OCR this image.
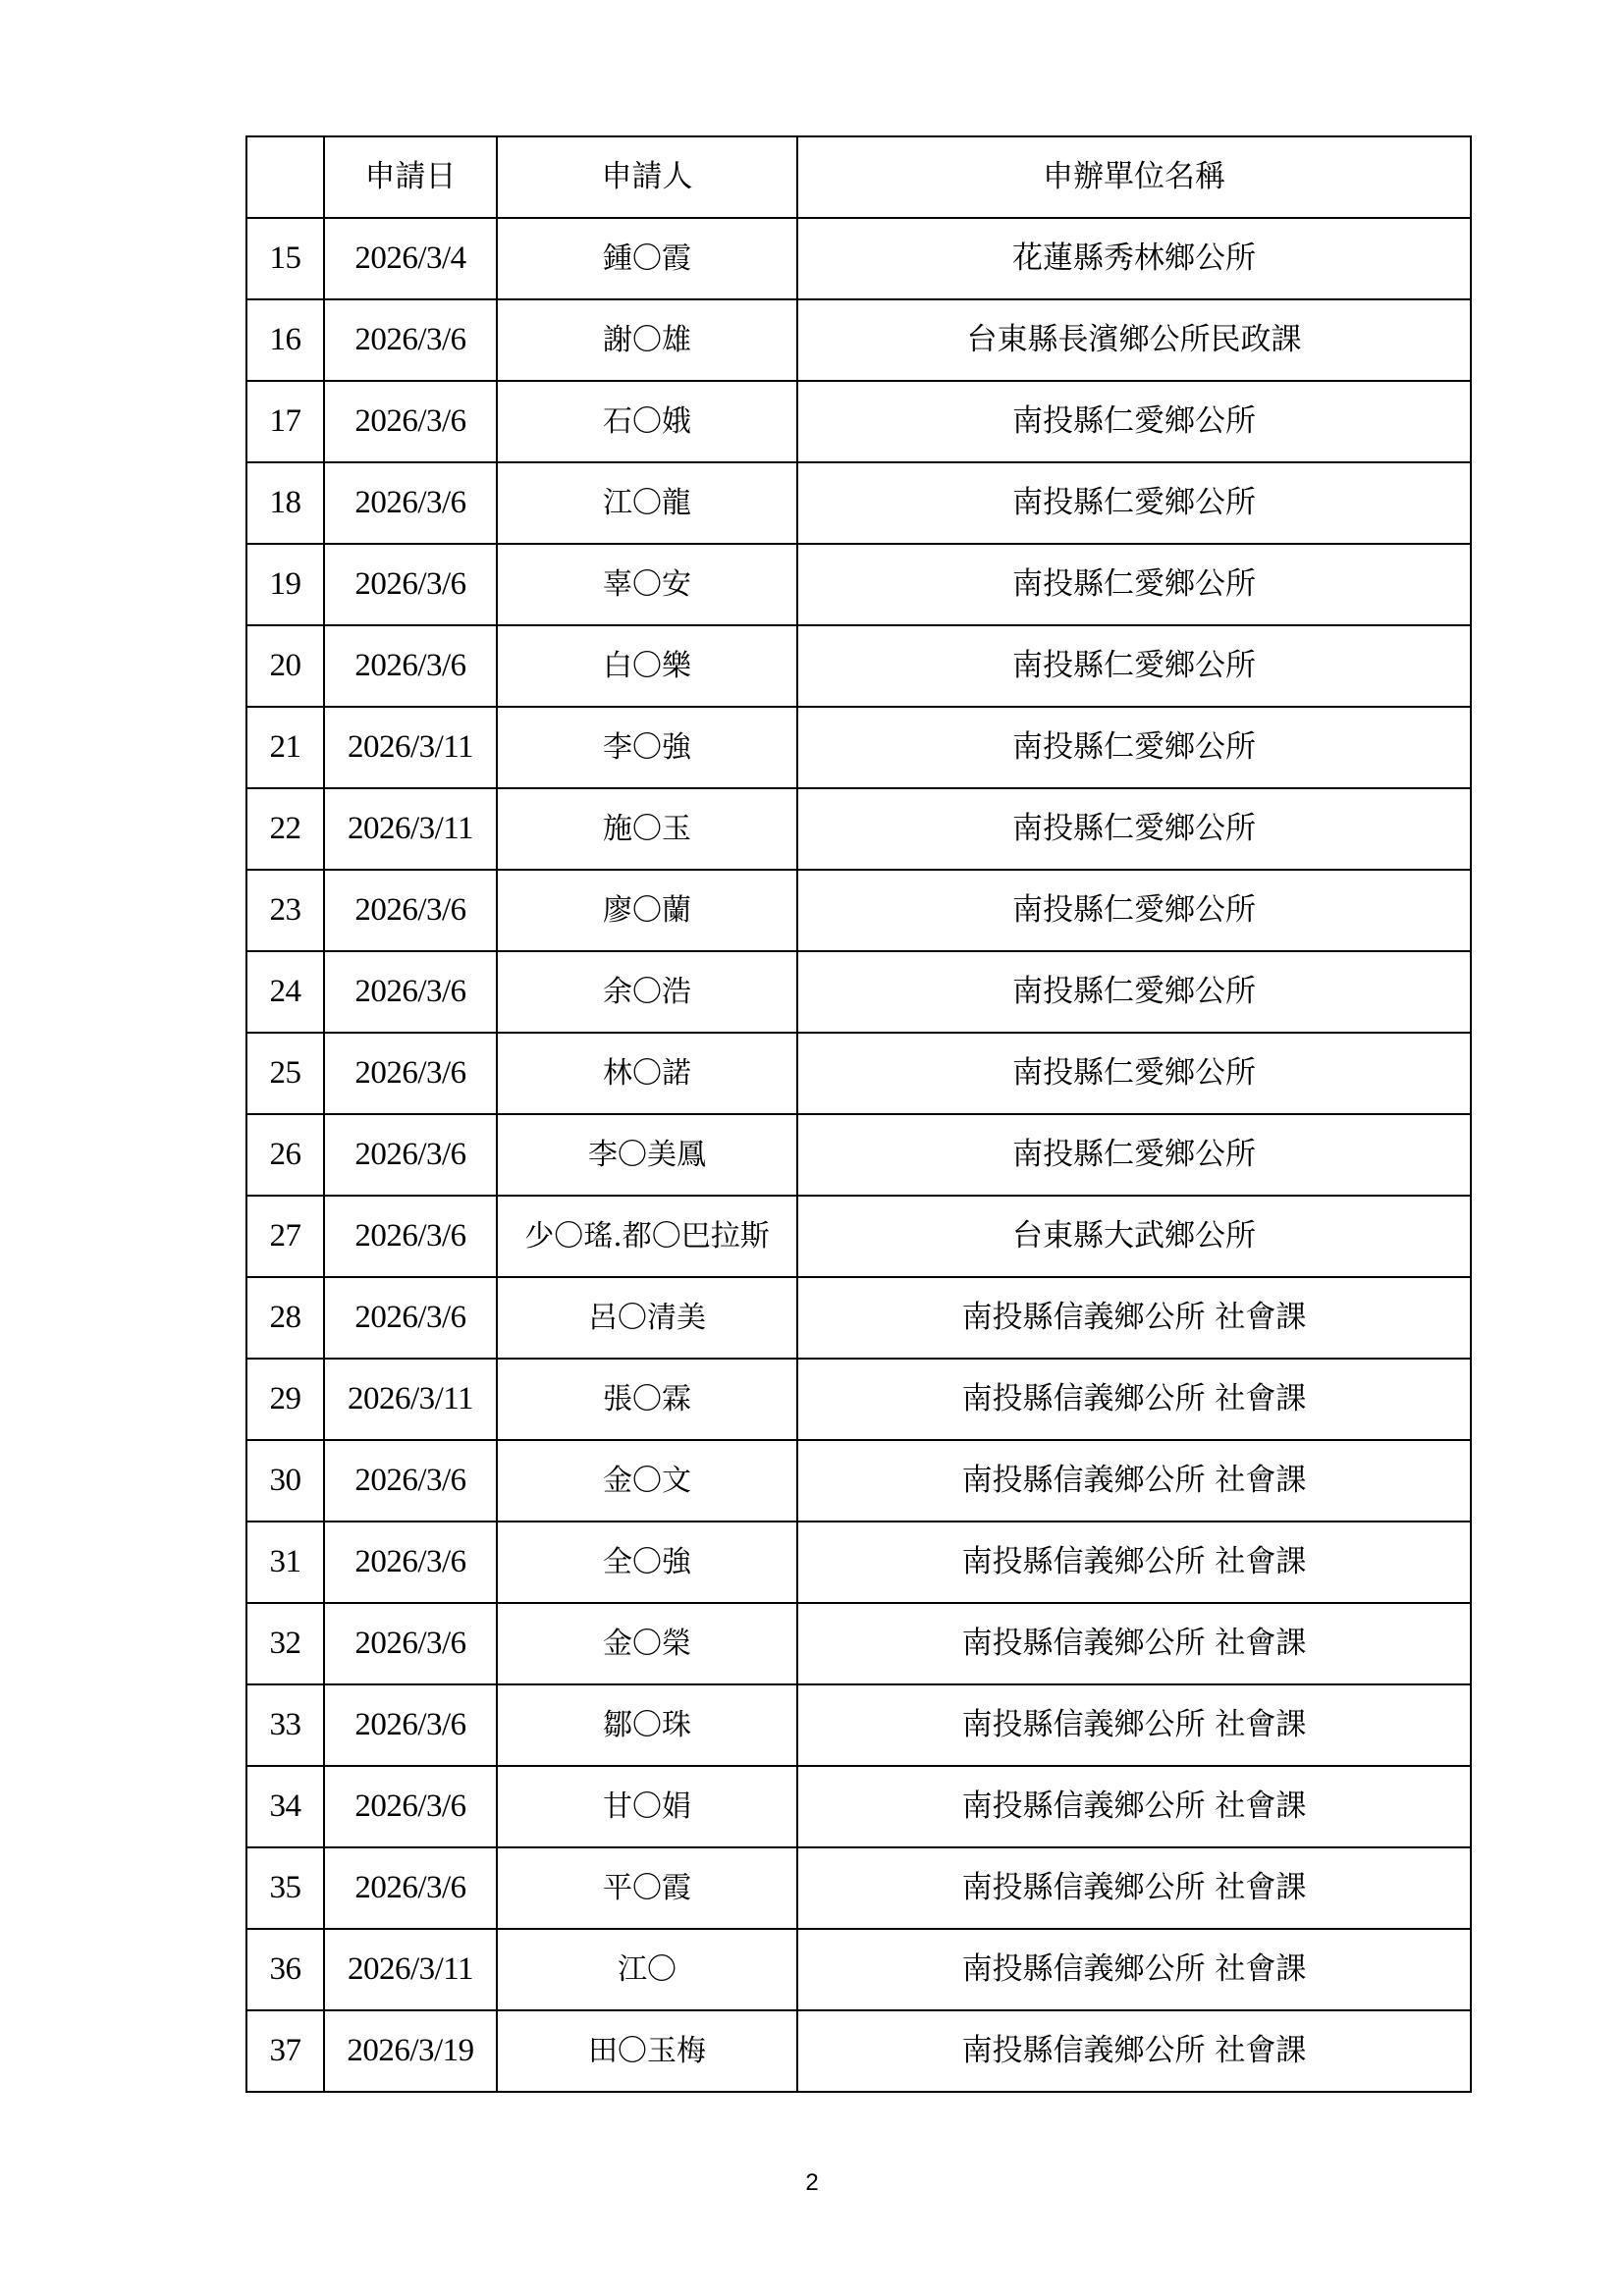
	申請日	申請人	申辦單位名稱
15	2026/3/4	鍾〇霞	花蓮縣秀林鄉公所
16	2026/3/6	謝〇雄	台東縣長濱鄉公所民政課
17	2026/3/6	石〇娥	南投縣仁愛鄉公所
18	2026/3/6	江〇龍	南投縣仁愛鄉公所
19	2026/3/6	辜〇安	南投縣仁愛鄉公所
20	2026/3/6	白〇樂	南投縣仁愛鄉公所
21	2026/3/11	李〇強	南投縣仁愛鄉公所
22	2026/3/11	施〇玉	南投縣仁愛鄉公所
23	2026/3/6	廖〇蘭	南投縣仁愛鄉公所
24	2026/3/6	余〇浩	南投縣仁愛鄉公所
25	2026/3/6	林〇諾	南投縣仁愛鄉公所
26	2026/3/6	李〇美鳳	南投縣仁愛鄉公所
27	2026/3/6	少〇瑤.都〇巴拉斯	台東縣大武鄉公所
28	2026/3/6	呂〇清美	南投縣信義鄉公所 社會課
29	2026/3/11	張〇霖	南投縣信義鄉公所 社會課
30	2026/3/6	金〇文	南投縣信義鄉公所 社會課
31	2026/3/6	全〇強	南投縣信義鄉公所 社會課
32	2026/3/6	金〇榮	南投縣信義鄉公所 社會課
33	2026/3/6	鄒〇珠	南投縣信義鄉公所 社會課
34	2026/3/6	甘〇娟	南投縣信義鄉公所 社會課
35	2026/3/6	平〇霞	南投縣信義鄉公所 社會課
36	2026/3/11	江〇	南投縣信義鄉公所 社會課
37	2026/3/19	田〇玉梅	南投縣信義鄉公所 社會課
2
